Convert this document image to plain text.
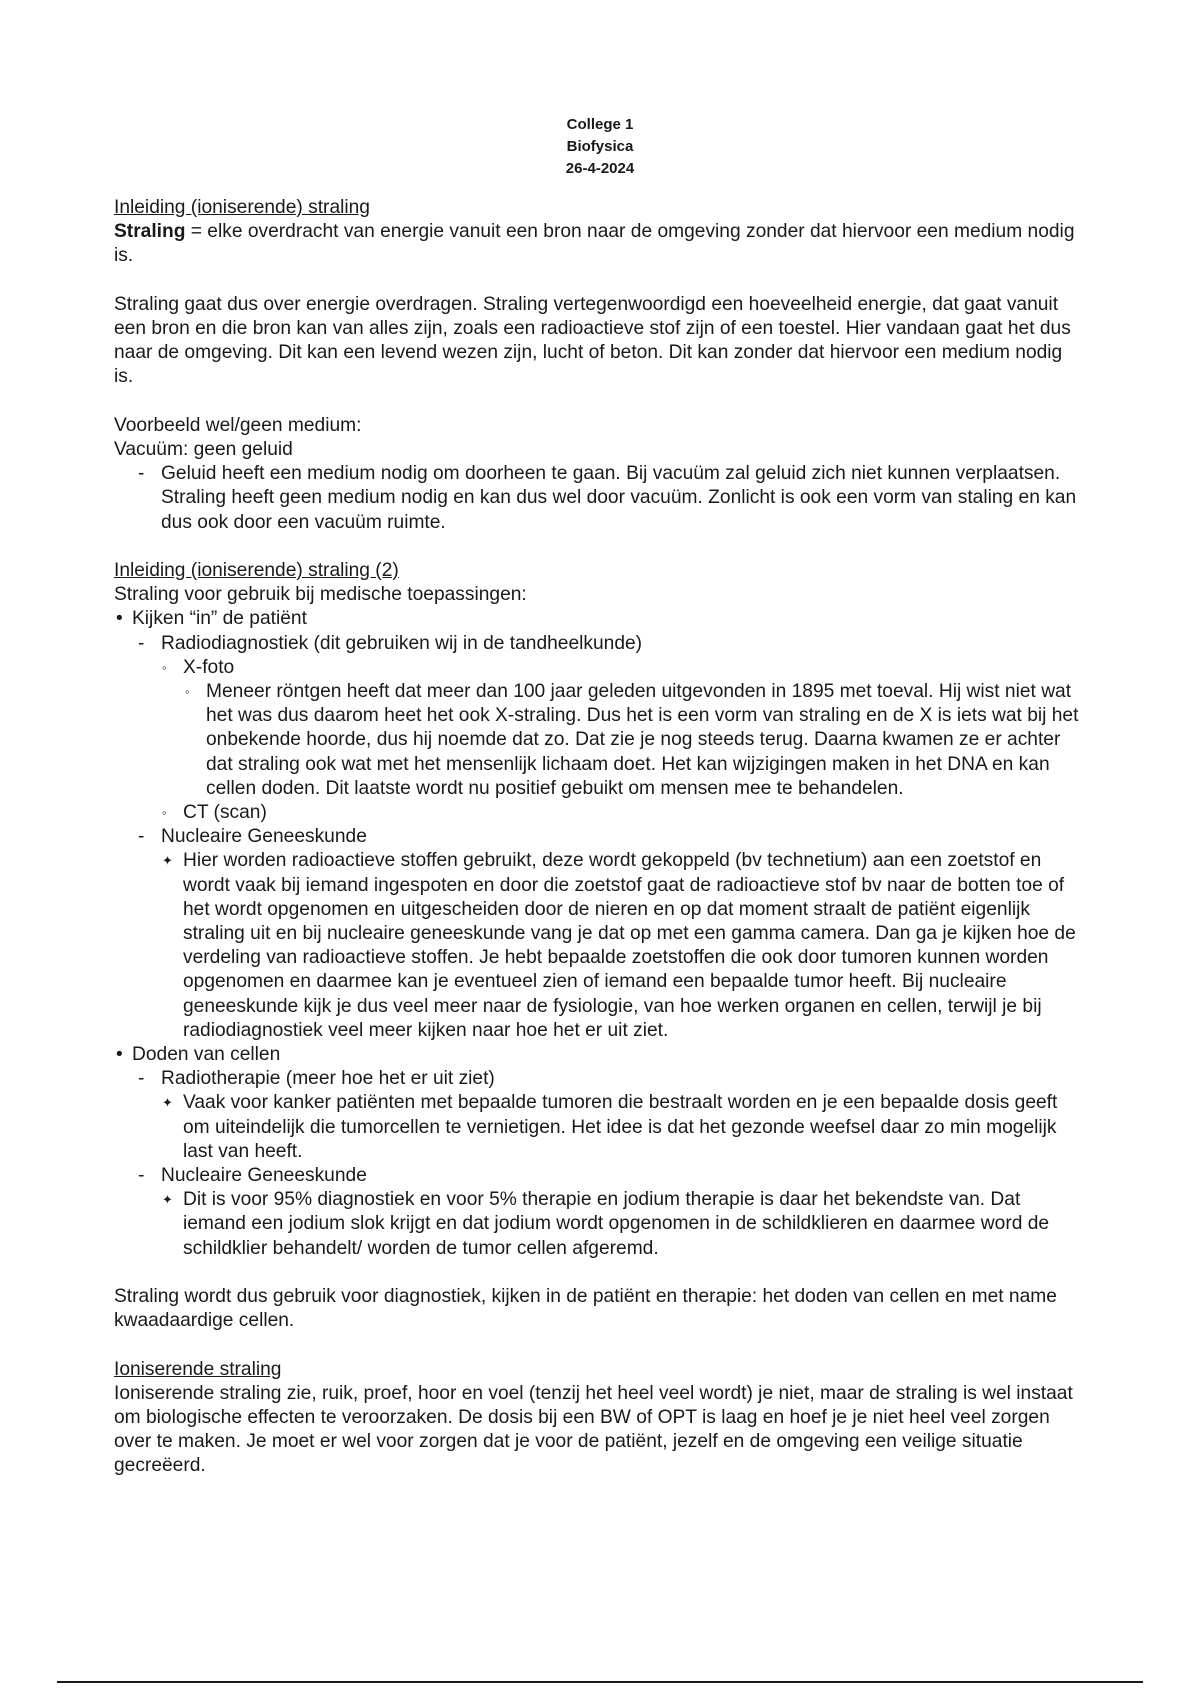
College 1
Biofysica
26-4-2024
Inleiding (ioniserende) straling
Straling = elke overdracht van energie vanuit een bron naar de omgeving zonder dat hiervoor een medium nodig is.
Straling gaat dus over energie overdragen. Straling vertegenwoordigd een hoeveelheid energie, dat gaat vanuit een bron en die bron kan van alles zijn, zoals een radioactieve stof zijn of een toestel. Hier vandaan gaat het dus naar de omgeving. Dit kan een levend wezen zijn, lucht of beton. Dit kan zonder dat hiervoor een medium nodig is.
Voorbeeld wel/geen medium:
Vacuüm: geen geluid
- Geluid heeft een medium nodig om doorheen te gaan. Bij vacuüm zal geluid zich niet kunnen verplaatsen. Straling heeft geen medium nodig en kan dus wel door vacuüm. Zonlicht is ook een vorm van staling en kan dus ook door een vacuüm ruimte.
Inleiding (ioniserende) straling (2)
Straling voor gebruik bij medische toepassingen:
• Kijken “in” de patiënt
- Radiodiagnostiek (dit gebruiken wij in de tandheelkunde)
◦ X-foto
◦ Meneer röntgen heeft dat meer dan 100 jaar geleden uitgevonden in 1895 met toeval. Hij wist niet wat het was dus daarom heet het ook X-straling. Dus het is een vorm van straling en de X is iets wat bij het onbekende hoorde, dus hij noemde dat zo. Dat zie je nog steeds terug. Daarna kwamen ze er achter dat straling ook wat met het mensenlijk lichaam doet. Het kan wijzigingen maken in het DNA en kan cellen doden. Dit laatste wordt nu positief gebuikt om mensen mee te behandelen.
◦ CT (scan)
- Nucleaire Geneeskunde
✦ Hier worden radioactieve stoffen gebruikt, deze wordt gekoppeld (bv technetium) aan een zoetstof en wordt vaak bij iemand ingespoten en door die zoetstof gaat de radioactieve stof bv naar de botten toe of het wordt opgenomen en uitgescheiden door de nieren en op dat moment straalt de patiënt eigenlijk straling uit en bij nucleaire geneeskunde vang je dat op met een gamma camera. Dan ga je kijken hoe de verdeling van radioactieve stoffen. Je hebt bepaalde zoetstoffen die ook door tumoren kunnen worden opgenomen en daarmee kan je eventueel zien of iemand een bepaalde tumor heeft. Bij nucleaire geneeskunde kijk je dus veel meer naar de fysiologie, van hoe werken organen en cellen, terwijl je bij radiodiagnostiek veel meer kijken naar hoe het er uit ziet.
• Doden van cellen
- Radiotherapie (meer hoe het er uit ziet)
✦ Vaak voor kanker patiënten met bepaalde tumoren die bestraalt worden en je een bepaalde dosis geeft om uiteindelijk die tumorcellen te vernietigen. Het idee is dat het gezonde weefsel daar zo min mogelijk last van heeft.
- Nucleaire Geneeskunde
✦ Dit is voor 95% diagnostiek en voor 5% therapie en jodium therapie is daar het bekendste van. Dat iemand een jodium slok krijgt en dat jodium wordt opgenomen in de schildklieren en daarmee word de schildklier behandelt/ worden de tumor cellen afgeremd.
Straling wordt dus gebruik voor diagnostiek, kijken in de patiënt en therapie: het doden van cellen en met name kwaadaardige cellen.
Ioniserende straling
Ioniserende straling zie, ruik, proef, hoor en voel (tenzij het heel veel wordt) je niet, maar de straling is wel instaat om biologische effecten te veroorzaken. De dosis bij een BW of OPT is laag en hoef je je niet heel veel zorgen over te maken. Je moet er wel voor zorgen dat je voor de patiënt, jezelf en de omgeving een veilige situatie gecreëerd.
